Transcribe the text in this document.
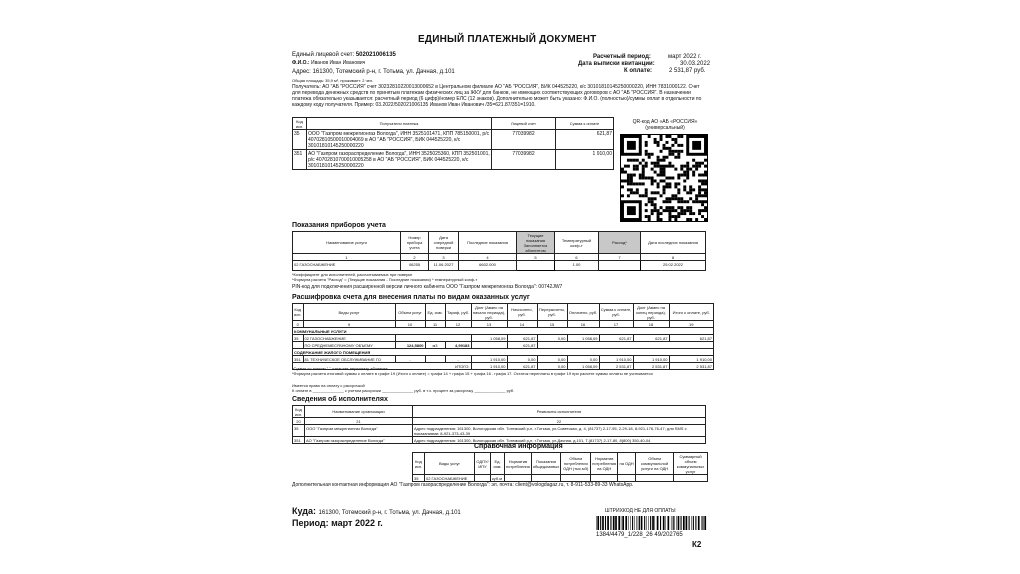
ЕДИНЫЙ ПЛАТЕЖНЫЙ ДОКУМЕНТ
Единый лицевой счет: 502021006135
Ф.И.О.: Иванов Иван Иванович
Адрес: 161300, Тотемский р-н, г. Тотьма, ул. Дачная, д.101
Общая площадь: 35,9 м², проживает: 2 чел.
Расчетный период:	март 2022 г.
Дата выписки квитанции:	30.03.2022
К оплате:	2 531,87 руб.
Получатель: АО "АБ "РОССИЯ" счет 30232810220013000652 в Центральном филиале АО "АБ "РОССИЯ", БИК 044525220, к/с 30101810145250000220, ИНН 7831000122. Счет для перевода денежных средств по принятым платежам физических лиц за ЖКУ для банков, не имеющих соответствующих договоров с АО "АБ "РОССИЯ". В назначении платежа обязательно указывается: расчетный период (6 цифр)/номер ЕЛС (12 знаков). Дополнительно может быть указано: Ф.И.О. (полностью)/суммы оплат в отдельности по каждому коду получателя. Пример: 03.2022/502021006135 Иванов Иван Иванович /35=621.87/351=1910.
Код исп.	Получатели платежа	Лицевой счет	Сумма к оплате
35	ООО "Газпром межрегионгаз Вологда", ИНН 3525101471, КПП 785150001, р/с 40702810500010004069 в АО "АБ "РОССИЯ", БИК 044525220, к/с 30101810145250000220	77039982	621,87
351	АО "Газпром газораспределение Вологда", ИНН 3525025360, КПП 352501001, р/с 40702810700010005258 в АО "АБ "РОССИЯ", БИК 044525220, к/с 30101810145250000220	77039982	1 910,00
QR-код АО «АБ «РОССИЯ» (универсальный)
Показания приборов учета
Наименование услуги	Номер прибора учета	Дата очередной поверки	Последние показания	Текущие показания Заполняется абонентом	Температурный коэф-т	Расход*	Дата последних показания
1	2	3	4	5	6	7	8
02 ГАЗОСНАБЖЕНИЕ	06255	11.06.2027	6602.000		1.00		25.02.2022
*Коэффициент для исполнителей, рассчитываемых при поверке
*Формула расчета "Расход" = (Текущие показания - Последние показания) * температурный коэф-т
PIN-код для подключения расширенной версии личного кабинета ООО "Газпром межрегионгаз Вологда": 00742JW7
Расшифровка счета для внесения платы по видам оказанных услуг
Код исп.	Виды услуг	Объем услуг	Ед. изм.	Тариф, руб.	Долг (Аванс на начало периода), руб.	Начислено, руб.	Перерасчеты, руб.	Оплачено, руб.	Сумма к оплате, руб.	Долг (Аванс на конец периода), руб.	Итого к оплате, руб.
0	9	10	11	12	13	14	15	16	17	18	19
КОММУНАЛЬНЫЕ УСЛУГИ											
35	02 ГАЗОСНАБЖЕНИЕ				1 058,09	621,87	0,00	1 058,09	621,87	621,87	621,87
	ПО СРЕДНЕМЕСЯЧНОМУ ОБЪЕМУ	124,5800	м3	4,99183		621,87					
СОДЕРЖАНИЕ ЖИЛОГО ПОМЕЩЕНИЯ											
351	81 ТЕХНИЧЕСКОЕ ОБСЛУЖИВАНИЕ ГО	-		-	1 910,00	0,00	0,00	0,00	1 910,00	1 910,00	1 910,00
ИТОГО:					1 910,00	621,87	0,00	1 058,09	2 531,87	2 531,87	2 531,87
*Сумма со знаком "-" означает переплату абонента
*Формула расчета итоговой суммы к оплате в графе 19 (Итого к оплате) = графа 14 + графа 15 + графа 16 - графа 17. Остаток переплаты в графе 19 при расчете суммы оплаты не учитывается
Имеется право на оплату с рассрочкой
К оплате в ______________ с учетом рассрочки ______________ руб. в т.ч. процент за рассрочку ______________ руб.
Сведения об исполнителях
Код исп.	Наименование организации	Реквизиты исполнителя
20	21	22
35	ООО "Газпром межрегионгаз Вологда"	Адрес подразделения: 161300, Вологодская обл. Тотемский р-н, г.Тотьма, ул.Советская, д. 4, (81737) 2-17-95, 2-29-18, 8-921-176-76-47; для SMS с показаниями: 8-921-373-43-39
351	АО "Газпром газораспределение Вологда"	Адрес подразделения: 161300, Вологодская обл. Тотемский р-н, г.Тотьма, ул.Дачная, д.101, Т.(81737) 2-17-80, 8(800) 350-40-04
Справочная информация
Код исп.	Виды услуг	ОДПУ/ИПУ	Ед. изм.	Норматив потребления	Показания общедомовых	Объем потребления ОДН (тыс.м3)	Норматив потребления на ОДН	на ОДН	Объем коммунальной услуги на ОДН	Суммарный объем коммунальных услуг
35	02 ГАЗОСНАБЖЕНИЕ		куб.м							
Дополнительная контактная информация АО "Газпром газораспределение Вологда": эл. почта: client@vologdagaz.ru, т. 8-911-533-89-33 WhatsApp.
Куда: 161300, Тотемский р-н, г. Тотьма, ул. Дачная, д.101
Период: март 2022 г.
ШТРИХКОД НЕ ДЛЯ ОПЛАТЫ
1384/4479_1/228_26 49/202765
К2
